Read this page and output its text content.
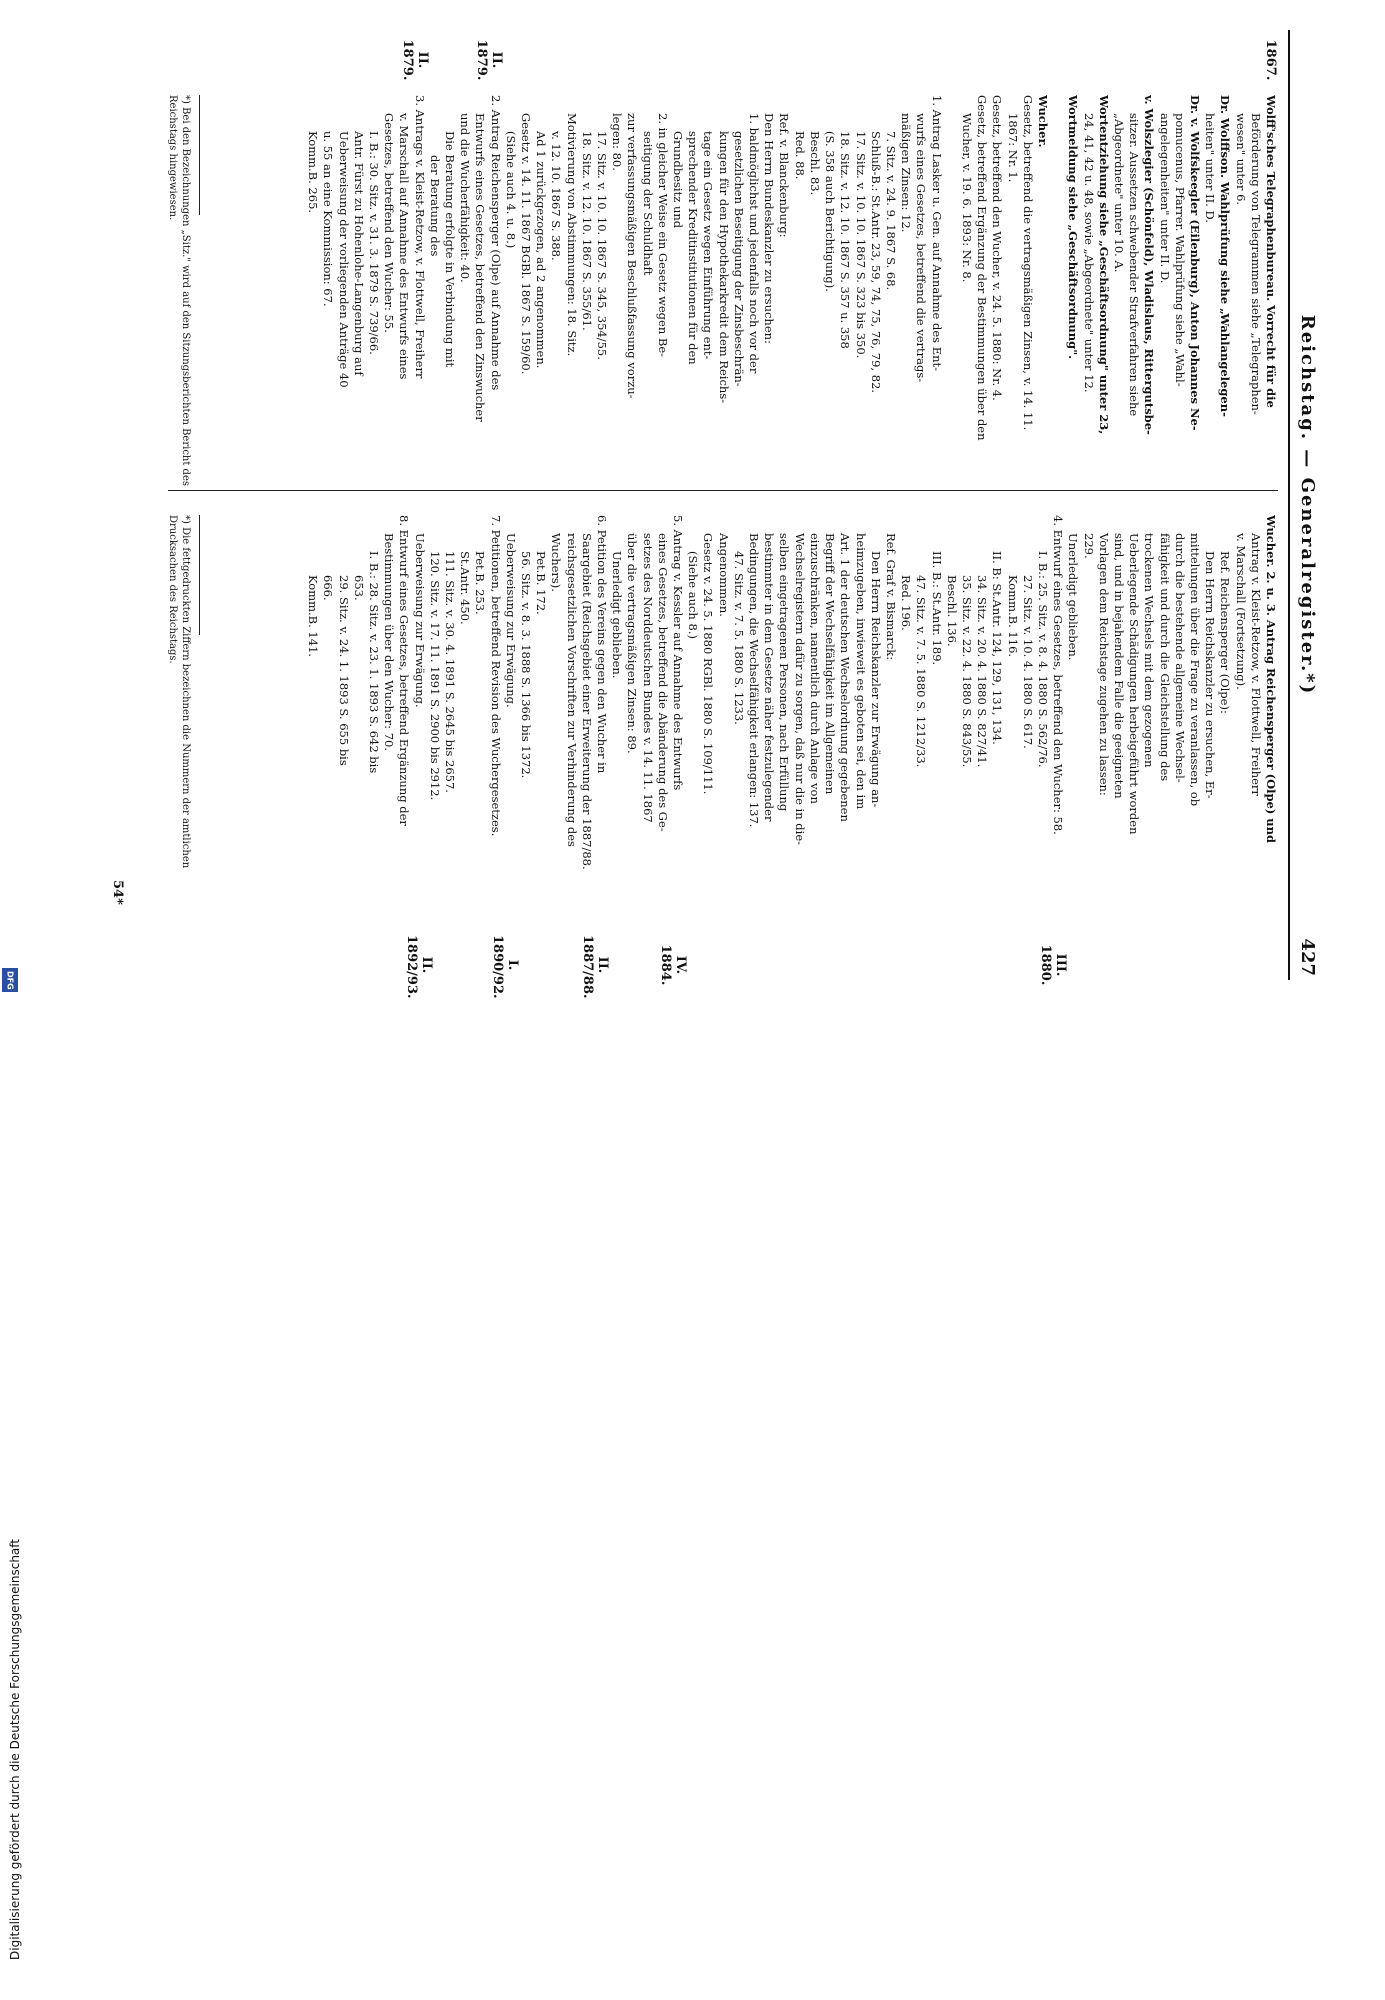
Reichstag. — Generalregister.*)
427
Wolff'sches Telegraphenbureau. Vorrecht für die
Beförderung von Telegrammen siehe „Telegraphen-
wesen" unter 6.
Dr. Wolffson. Wahlprüfung siehe „Wahlangelegen-
heiten" unter II. D.
Dr. v. Wolfskeegler (Eilenburg), Anton Johannes Ne-
pomucenus, Pfarrer. Wahlprüfung siehe „Wahl-
angelegenheiten" unter II. D.
v. Wolszlegier (Schönfeld), Wladislaus, Rittergutsbe-
sitzer. Aussetzen schwebender Strafverfahren siehe
„Abgeordnete" unter 10. A.
Wortentziehung siehe „Geschäftsordnung" unter 23,
24, 41, 42 u. 48, sowie „Abgeordnete" unter 12.
Wortmeldung siehe „Geschäftsordnung".

Wucher.
Gesetz, betreffend die vertragsmäßigen Zinsen, v. 14. 11.
1867: Nr. 1.
Gesetz, betreffend den Wucher, v. 24. 5. 1880: Nr. 4.
Gesetz, betreffend Ergänzung der Bestimmungen über den
Wucher, v. 19. 6. 1893: Nr. 8.

1. Antrag Lasker u. Gen. auf Annahme des Ent-
wurfs eines Gesetzes, betreffend die vertrags-
mäßigen Zinsen: 12.
7. Sitz. v. 24. 9. 1867 S. 68.
Schluß-B.: St.Antr. 23, 59, 74, 75, 76, 79, 82.
17. Sitz. v. 10. 10. 1867 S. 323 bis 350.
18. Sitz. v. 12. 10. 1867 S. 357 u. 358
(S. 358 auch Berichtigung).
Beschl. 83.
Red. 88.
Ref. v. Blanckenburg:
Den Herrn Bundeskanzler zu ersuchen:
1. baldmöglichst und jedenfalls noch vor der
gesetzlichen Beseitigung der Zinsbeschrän-
kungen für den Hypothekarkredit dem Reichs-
tage ein Gesetz wegen Einführung ent-
sprechender Kreditinstitutionen für den
Grundbesitz und
2. in gleicher Weise ein Gesetz wegen Be-
seitigung der Schuldhaft
zur verfassungsmäßigen Beschlußfassung vorzu-
legen: 80.
17. Sitz. v. 10. 10. 1867 S. 345, 354/55.
18. Sitz. v. 12. 10. 1867 S. 355/61.
Motivierung von Abstimmungen: 18. Sitz.
v. 12. 10. 1867 S. 388.
Ad 1 zurückgezogen, ad 2 angenommen.
Gesetz v. 14. 11. 1867 BGBl. 1867 S. 159/60.
(Siehe auch 4. u. 8.)
2. Antrag Reichensperger (Olpe) auf Annahme des
Entwurfs eines Gesetzes, betreffend den Zinswucher
und die Wucherfähigkeit: 40.
Die Beratung erfolgte in Verbindung mit
der Beratung des
3. Antrags v. Kleist-Retzow, v. Flottwell, Freiherr
v. Marschall auf Annahme des Entwurfs eines
Gesetzes, betreffend den Wucher: 55.
I. B.: 30. Sitz. v. 31. 3. 1879 S. 739/66.
Antr. Fürst zu Hohenlohe-Langenburg auf
Ueberweisung der vorliegenden Anträge 40
u. 55 an eine Kommission: 67.
Komm.B. 265.
Wucher. 2. u. 3. Antrag Reichensperger (Olpe) und
Antrag v. Kleist-Retzow, v. Flottwell, Freiherr
v. Marschall (Fortsetzung).
Ref. Reichensperger (Olpe):
Den Herrn Reichskanzler zu ersuchen, Er-
mittelungen über die Frage zu veranlassen, ob
durch die bestehende allgemeine Wechsel-
fähigkeit und durch die Gleichstellung des
trockenen Wechsels mit dem gezogenen
Ueberlegende Schädigungen herbeigeführt worden
sind, und in bejahendem Falle die geeigneten
Vorlagen dem Reichstage zugehen zu lassen:
229.
Unerledigt geblieben.
4. Entwurf eines Gesetzes, betreffend den Wucher: 58.
I. B.: 25. Sitz. v. 8. 4. 1880 S. 562/76.
27. Sitz. v. 10. 4. 1880 S. 617.
Komm.B. 116.
II. B: St.Antr. 124, 129, 131, 134.
34. Sitz. v. 20. 4. 1880 S. 827/41.
35. Sitz. v. 22. 4. 1880 S. 843/55.
Beschl. 136.
III. B.: St.Antr. 189.
47. Sitz. v. 7. 5. 1880 S. 1212/33.
Red. 196.
Ref. Graf v. Bismarck:
Den Herrn Reichskanzler zur Erwägung an-
heimzugeben, inwieweit es geboten sei, den im
Art. 1 der deutschen Wechselordnung gegebenen
Begriff der Wechselfähigkeit im Allgemeinen
einzuschränken, namentlich durch Anlage von
Wechselregistern dafür zu sorgen, daß nur die in die-
selben eingetragenen Personen, nach Erfüllung
bestimmter in dem Gesetze näher festzulegender
Bedingungen, die Wechselfähigkeit erlangen: 137.
47. Sitz. v. 7. 5. 1880 S. 1233.
Angenommen.
Gesetz v. 24. 5. 1880 RGBl. 1880 S. 109/111.
(Siehe auch 8.)
5. Antrag v. Kessler auf Annahme des Entwurfs
eines Gesetzes, betreffend die Abänderung des Ge-
setzes des Norddeutschen Bundes v. 14. 11. 1867
über die vertragsmäßigen Zinsen: 89.
Unerledigt geblieben.
6. Petition des Vereins gegen den Wucher in
Saargebiet (Reichsgebiet einer Erweiterung der 1887/88.
reichsgesetzlichen Vorschriften zur Verhinderung des
Wuchers).
Pet.B. 172.
56. Sitz. v. 8. 3. 1888 S. 1366 bis 1372.
Ueberweisung zur Erwägung.
7. Petitionen, betreffend Revision des Wuchergesetzes.
Pet.B. 253.
St.Antr. 450.
111. Sitz. v. 30. 4. 1891 S. 2645 bis 2657.
120. Sitz. v. 17. 11. 1891 S. 2900 bis 2912.
Ueberweisung zur Erwägung.
8. Entwurf eines Gesetzes, betreffend Ergänzung der
Bestimmungen über den Wucher: 70.
I. B.: 28. Sitz. v. 23. 1. 1893 S. 642 bis
653.
29. Sitz. v. 24. 1. 1893 S. 655 bis
666.
Komm.B. 141.
1867.
II.
1879.
II.
1879.
III.
1880.
IV.
1884.
II.
1887/88.
I.
1890/92.
II.
1892/93.
*) Bei den Bezeichnungen „Sitz." wird auf den Sitzungsberichten Bericht des Reichstags hingewiesen.
*) Die fettgedruckten Ziffern bezeichnen die Nummern der amtlichen Drucksachen des Reichstags.
54*
Digitalisierung gefördert durch die Deutsche Forschungsgemeinschaft
DFG
